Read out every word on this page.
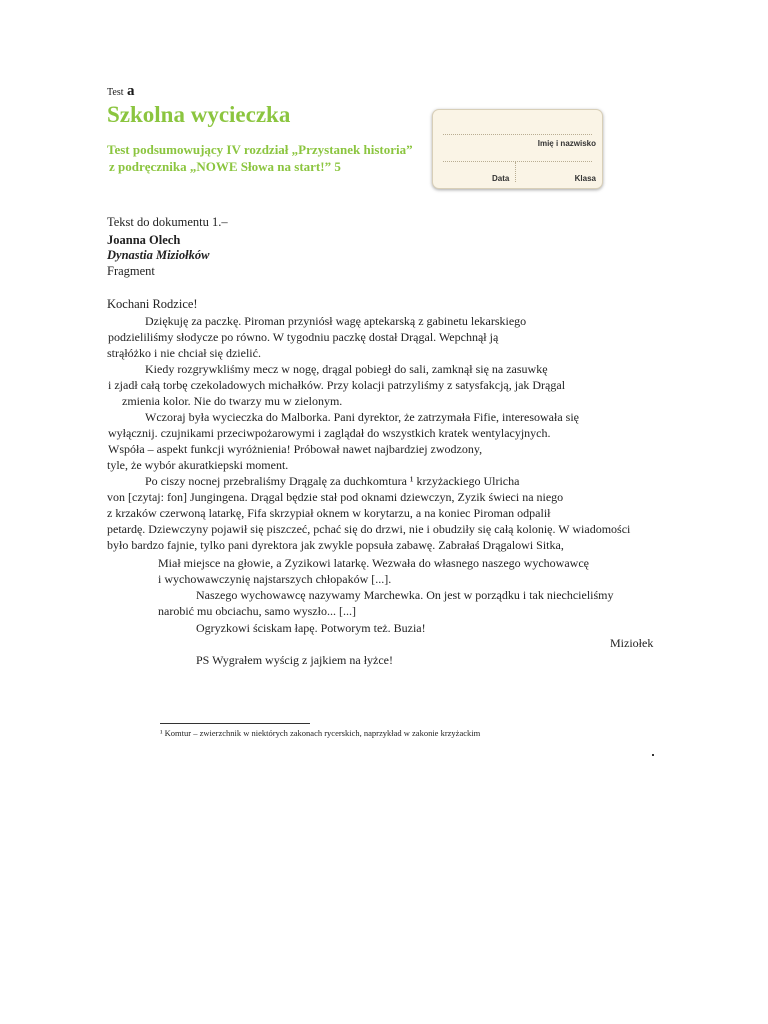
Test a
Szkolna wycieczka
Test podsumowujący IV rozdział „Przystanek historia”
z podręcznika „NOWE Słowa na start!” 5
Imię i nazwisko
Data	Klasa
Tekst do dokumentu 1.–
Joanna Olech
Dynastia Miziołków
Fragment
Kochani Rodzice!
Dziękuję za paczkę. Piroman przyniósł wagę aptekarską z gabinetu lekarskiego
podzieliliśmy słodycze po równo. W tygodniu paczkę dostał Drągal. Wepchnął ją
strąłóżko i nie chciał się dzielić.
Kiedy rozgrywkliśmy mecz w nogę, drągal pobiegł do sali, zamknął się na zasuwkę
i zjadł całą torbę czekoladowych michałków. Przy kolacji patrzyliśmy z satysfakcją, jak Drągal
zmienia kolor. Nie do twarzy mu w zielonym.
Wczoraj była wycieczka do Malborka. Pani dyrektor, że zatrzymała Fifie, interesowała się
wyłącznij. czujnikami przeciwpożarowymi i zaglądał do wszystkich kratek wentylacyjnych.
Współa – aspekt funkcji wyróżnienia! Próbował nawet najbardziej zwodzony,
tyle, że wybór akuratkiepski moment.
Po ciszy nocnej przebraliśmy Drągalę za duchkomtura ¹ krzyżackiego Ulricha
von [czytaj: fon] Jungingena. Drągal będzie stał pod oknami dziewczyn, Zyzik świeci na niego
z krzaków czerwoną latarkę, Fifa skrzypiał oknem w korytarzu, a na koniec Piroman odpalił
petardę. Dziewczyny pojawił się piszczeć, pchać się do drzwi, nie i obudziły się całą kolonię. W wiadomości
było bardzo fajnie, tylko pani dyrektora jak zwykle popsuła zabawę. Zabrałaś Drągalowi Sitka,
Miał miejsce na głowie, a Zyzikowi latarkę. Wezwała do własnego naszego wychowawcę
i wychowawczynię najstarszych chłopaków [...].
Naszego wychowawcę nazywamy Marchewka. On jest w porządku i tak niechcieliśmy
narobić mu obciachu, samo wyszło... [...]
Ogryzkowi ściskam łapę. Potworym też. Buzia!
Miziołek
PS Wygrałem wyścig z jajkiem na łyżce!
¹ Komtur – zwierzchnik w niektórych zakonach rycerskich, naprzykład w zakonie krzyżackim
